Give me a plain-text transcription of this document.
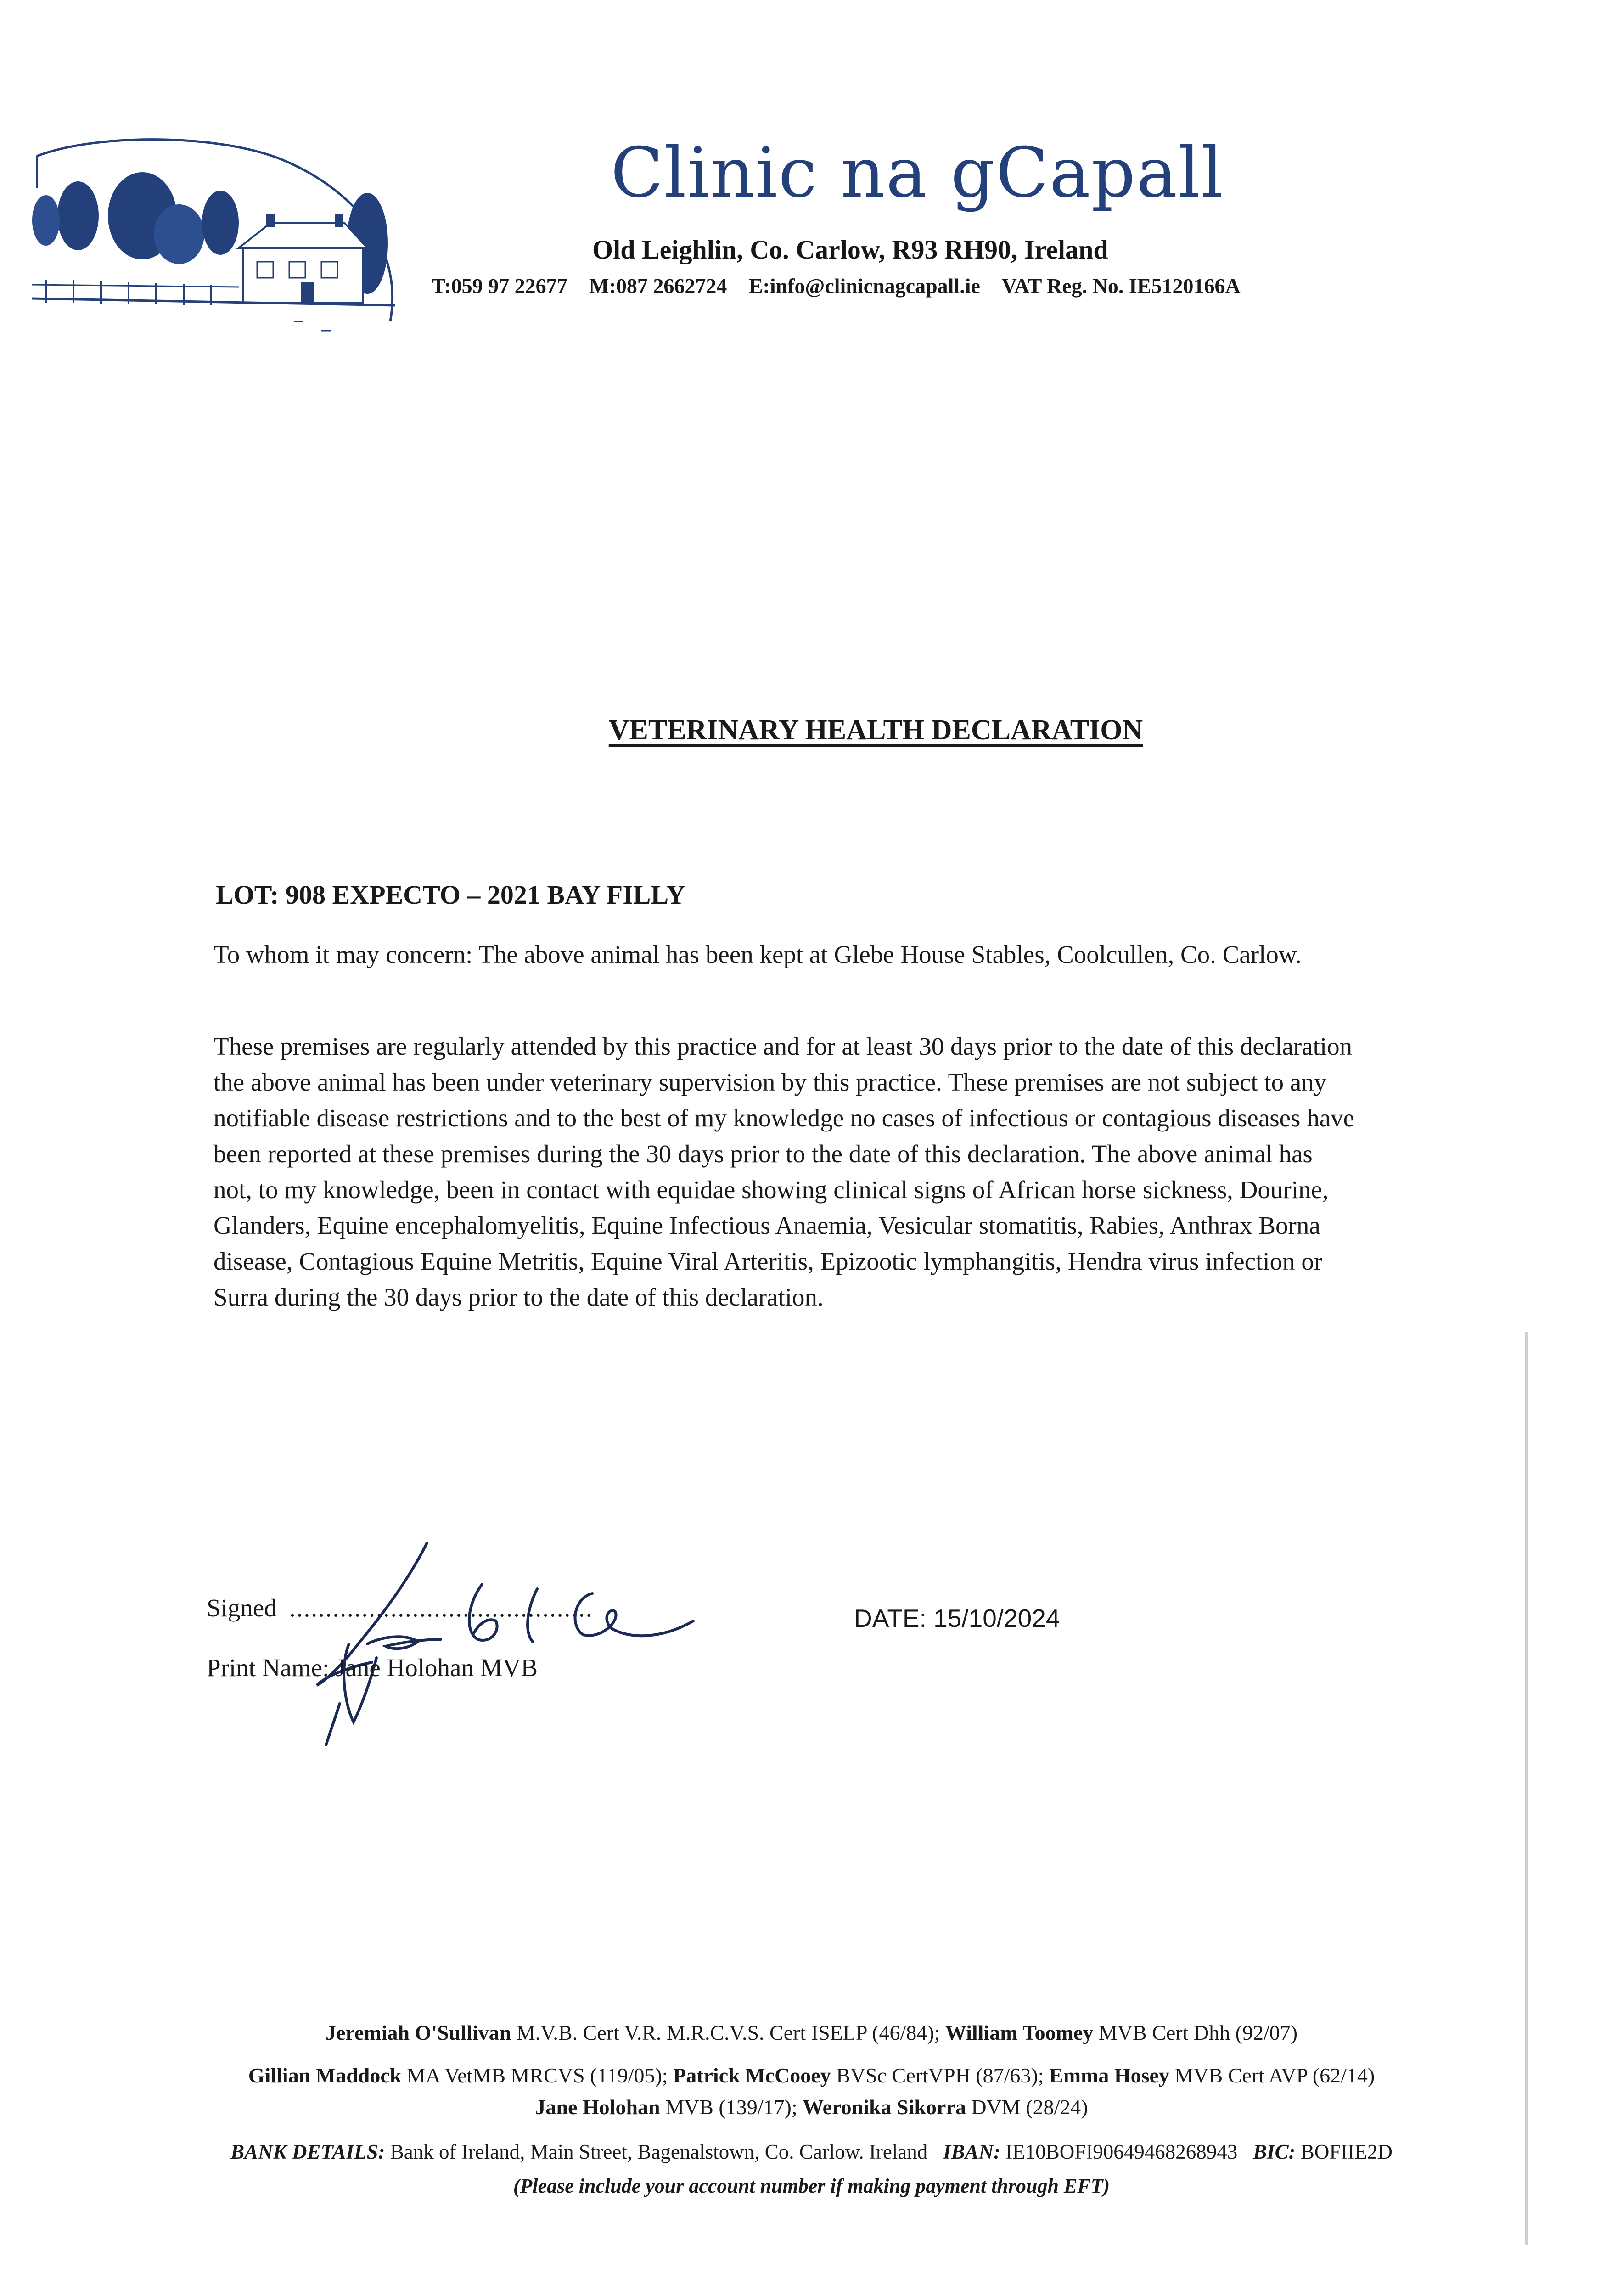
Clinic na gCapall
Old Leighlin, Co. Carlow, R93 RH90, Ireland
T:059 97 22677 M:087 2662724 E:info@clinicnagcapall.ie VAT Reg. No. IE5120166A
VETERINARY HEALTH DECLARATION
LOT: 908 EXPECTO – 2021 BAY FILLY
To whom it may concern: The above animal has been kept at Glebe House Stables, Coolcullen, Co. Carlow.
These premises are regularly attended by this practice and for at least 30 days prior to the date of this declaration the above animal has been under veterinary supervision by this practice. These premises are not subject to any notifiable disease restrictions and to the best of my knowledge no cases of infectious or contagious diseases have been reported at these premises during the 30 days prior to the date of this declaration. The above animal has not, to my knowledge, been in contact with equidae showing clinical signs of African horse sickness, Dourine, Glanders, Equine encephalomyelitis, Equine Infectious Anaemia, Vesicular stomatitis, Rabies, Anthrax Borna disease, Contagious Equine Metritis, Equine Viral Arteritis, Epizootic lymphangitis, Hendra virus infection or Surra during the 30 days prior to the date of this declaration.
Signed ..........................................
Print Name: Jane Holohan MVB
DATE: 15/10/2024
Jeremiah O'Sullivan M.V.B. Cert V.R. M.R.C.V.S. Cert ISELP (46/84); William Toomey MVB Cert Dhh (92/07)
Gillian Maddock MA VetMB MRCVS (119/05); Patrick McCooey BVSc CertVPH (87/63); Emma Hosey MVB Cert AVP (62/14)
Jane Holohan MVB (139/17); Weronika Sikorra DVM (28/24)
BANK DETAILS: Bank of Ireland, Main Street, Bagenalstown, Co. Carlow. Ireland IBAN: IE10BOFI90649468268943 BIC: BOFIIE2D
(Please include your account number if making payment through EFT)
